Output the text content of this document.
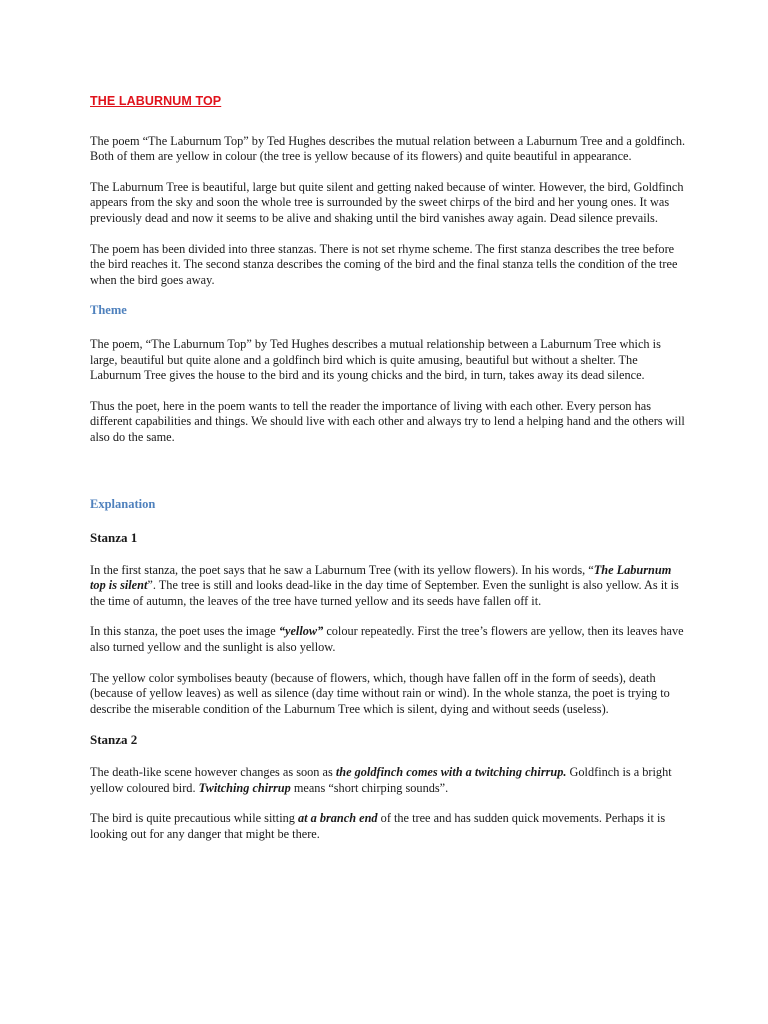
THE LABURNUM TOP

The poem “The Laburnum Top” by Ted Hughes describes the mutual relation between a Laburnum Tree and a goldfinch. Both of them are yellow in colour (the tree is yellow because of its flowers) and quite beautiful in appearance.

The Laburnum Tree is beautiful, large but quite silent and getting naked because of winter. However, the bird, Goldfinch appears from the sky and soon the whole tree is surrounded by the sweet chirps of the bird and her young ones. It was previously dead and now it seems to be alive and shaking until the bird vanishes away again. Dead silence prevails.

The poem has been divided into three stanzas. There is not set rhyme scheme. The first stanza describes the tree before the bird reaches it. The second stanza describes the coming of the bird and the final stanza tells the condition of the tree when the bird goes away.

Theme

The poem, “The Laburnum Top” by Ted Hughes describes a mutual relationship between a Laburnum Tree which is large, beautiful but quite alone and a goldfinch bird which is quite amusing, beautiful but without a shelter. The Laburnum Tree gives the house to the bird and its young chicks and the bird, in turn, takes away its dead silence.

Thus the poet, here in the poem wants to tell the reader the importance of living with each other. Every person has different capabilities and things. We should live with each other and always try to lend a helping hand and the others will also do the same.

Explanation
Stanza 1

In the first stanza, the poet says that he saw a Laburnum Tree (with its yellow flowers). In his words, “The Laburnum top is silent”. The tree is still and looks dead-like in the day time of September. Even the sunlight is also yellow. As it is the time of autumn, the leaves of the tree have turned yellow and its seeds have fallen off it.

In this stanza, the poet uses the image “yellow” colour repeatedly. First the tree’s flowers are yellow, then its leaves have also turned yellow and the sunlight is also yellow.

The yellow color symbolises beauty (because of flowers, which, though have fallen off in the form of seeds), death (because of yellow leaves) as well as silence (day time without rain or wind). In the whole stanza, the poet is trying to describe the miserable condition of the Laburnum Tree which is silent, dying and without seeds (useless).

Stanza 2

The death-like scene however changes as soon as the goldfinch comes with a twitching chirrup. Goldfinch is a bright yellow coloured bird. Twitching chirrup means “short chirping sounds”.

The bird is quite precautious while sitting at a branch end of the tree and has sudden quick movements. Perhaps it is looking out for any danger that might be there.
